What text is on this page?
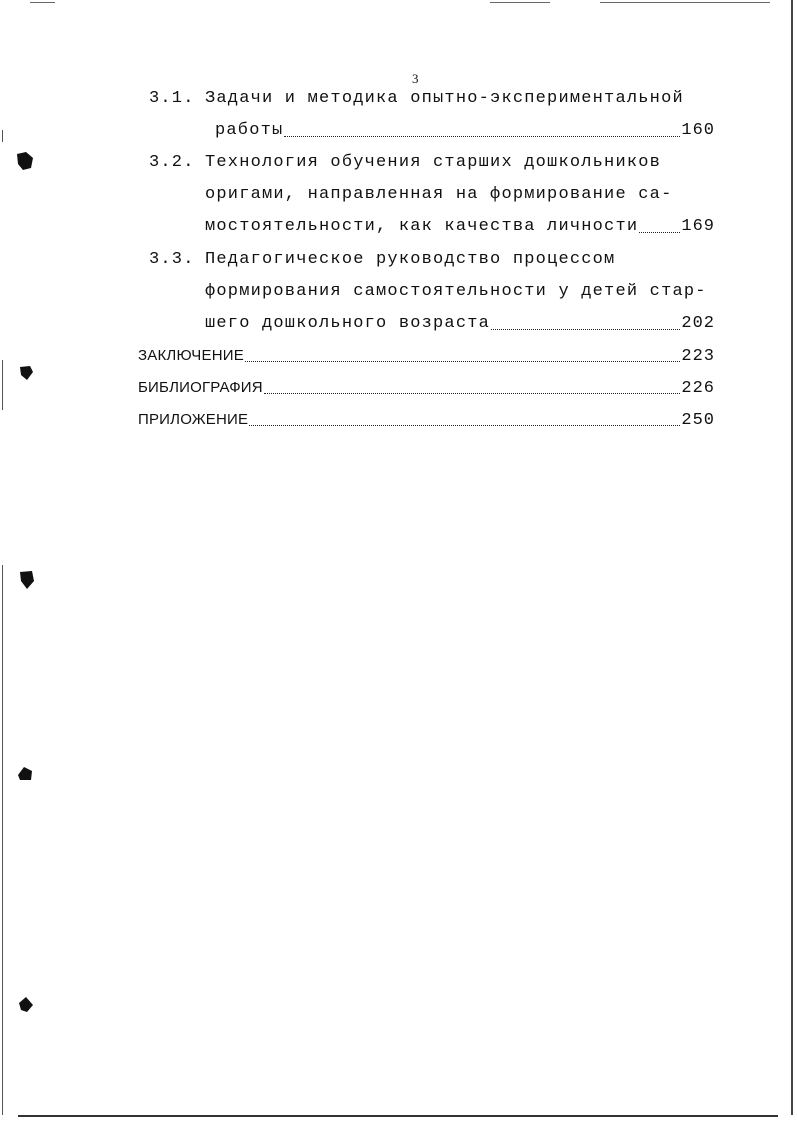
3
3.1. Задачи и методика опытно-экспериментальной
работы	160
3.2. Технология обучения старших дошкольников
оригами, направленная на формирование са-
мостоятельности, как качества личности	169
3.3. Педагогическое руководство процессом
формирования самостоятельности у детей стар-
шего дошкольного возраста	202
ЗАКЛЮЧЕНИЕ	223
БИБЛИОГРАФИЯ	226
ПРИЛОЖЕНИЕ	250
